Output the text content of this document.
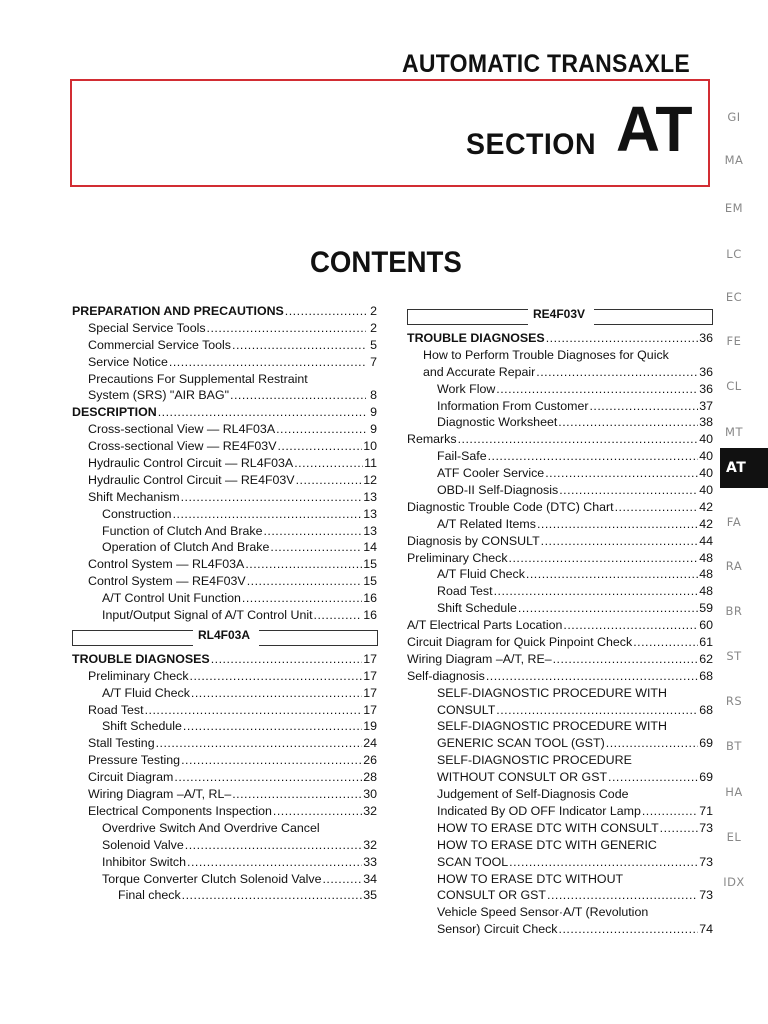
AUTOMATIC TRANSAXLE
SECTION AT
CONTENTS
PREPARATION AND PRECAUTIONS .....	2
Special Service Tools .....	2
Commercial Service Tools .....	5
Service Notice .....	7
Precautions For Supplemental Restraint
System (SRS) "AIR BAG" .....	8
DESCRIPTION .....	9
Cross-sectional View — RL4F03A .....	9
Cross-sectional View — RE4F03V .....	10
Hydraulic Control Circuit — RL4F03A .....	11
Hydraulic Control Circuit — RE4F03V .....	12
Shift Mechanism .....	13
Construction .....	13
Function of Clutch And Brake .....	13
Operation of Clutch And Brake .....	14
Control System — RL4F03A .....	15
Control System — RE4F03V .....	15
A/T Control Unit Function .....	16
Input/Output Signal of A/T Control Unit .....	16
RL4F03A
TROUBLE DIAGNOSES .....	17
Preliminary Check .....	17
A/T Fluid Check .....	17
Road Test .....	17
Shift Schedule .....	19
Stall Testing .....	24
Pressure Testing .....	26
Circuit Diagram .....	28
Wiring Diagram –A/T, RL– .....	30
Electrical Components Inspection .....	32
Overdrive Switch And Overdrive Cancel
Solenoid Valve .....	32
Inhibitor Switch .....	33
Torque Converter Clutch Solenoid Valve .....	34
Final check .....	35
RE4F03V
TROUBLE DIAGNOSES .....	36
How to Perform Trouble Diagnoses for Quick
and Accurate Repair .....	36
Work Flow .....	36
Information From Customer .....	37
Diagnostic Worksheet .....	38
Remarks .....	40
Fail-Safe .....	40
ATF Cooler Service .....	40
OBD-II Self-Diagnosis .....	40
Diagnostic Trouble Code (DTC) Chart .....	42
A/T Related Items .....	42
Diagnosis by CONSULT .....	44
Preliminary Check .....	48
A/T Fluid Check .....	48
Road Test .....	48
Shift Schedule .....	59
A/T Electrical Parts Location .....	60
Circuit Diagram for Quick Pinpoint Check .....	61
Wiring Diagram –A/T, RE– .....	62
Self-diagnosis .....	68
SELF-DIAGNOSTIC PROCEDURE WITH
CONSULT .....	68
SELF-DIAGNOSTIC PROCEDURE WITH
GENERIC SCAN TOOL (GST) .....	69
SELF-DIAGNOSTIC PROCEDURE
WITHOUT CONSULT OR GST .....	69
Judgement of Self-Diagnosis Code
Indicated By OD OFF Indicator Lamp .....	71
HOW TO ERASE DTC WITH CONSULT .....	73
HOW TO ERASE DTC WITH GENERIC
SCAN TOOL .....	73
HOW TO ERASE DTC WITHOUT
CONSULT OR GST .....	73
Vehicle Speed Sensor·A/T (Revolution
Sensor) Circuit Check .....	74
GI
MA
EM
LC
EC
FE
CL
MT
AT
FA
RA
BR
ST
RS
BT
HA
EL
IDX
